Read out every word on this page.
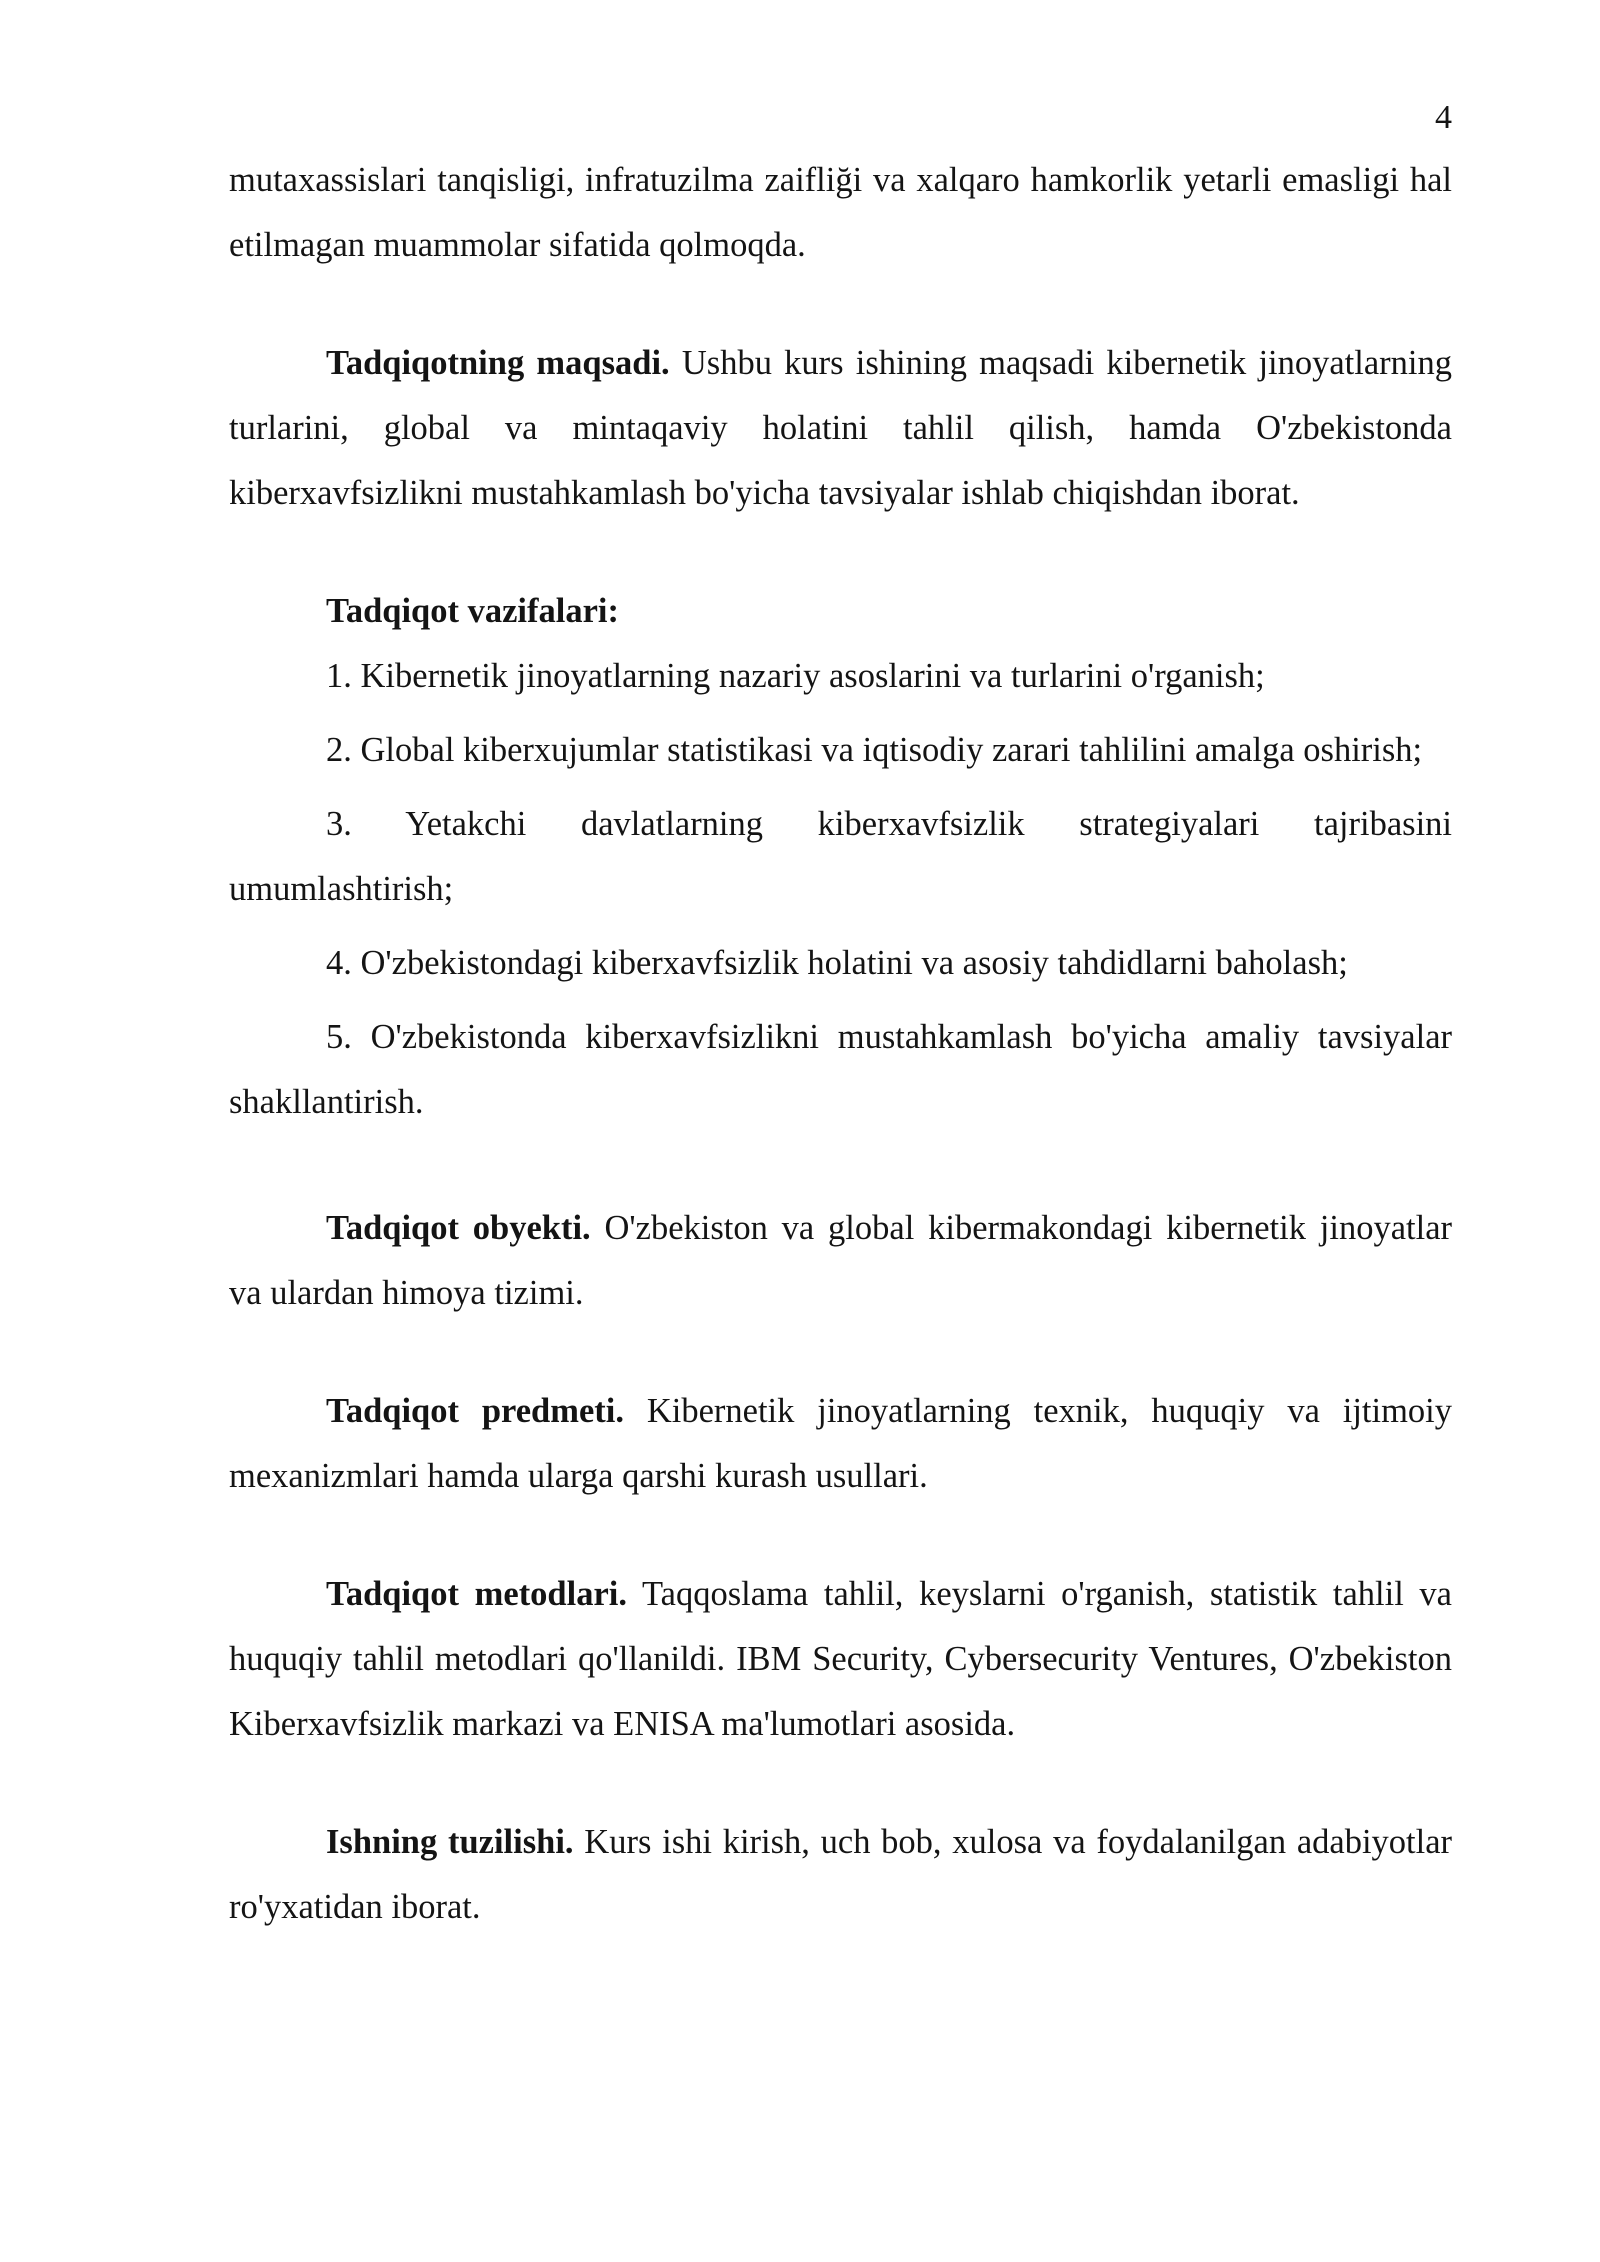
4

mutaxassislari tanqisligi, infratuzilma zaifliği va xalqaro hamkorlik yetarli emasligi hal etilmagan muammolar sifatida qolmoqda.

Tadqiqotning maqsadi. Ushbu kurs ishining maqsadi kibernetik jinoyatlarning turlarini, global va mintaqaviy holatini tahlil qilish, hamda O'zbekistonda kiberxavfsizlikni mustahkamlash bo'yicha tavsiyalar ishlab chiqishdan iborat.

Tadqiqot vazifalari:

1. Kibernetik jinoyatlarning nazariy asoslarini va turlarini o'rganish;

2. Global kiberxujumlar statistikasi va iqtisodiy zarari tahlilini amalga oshirish;

3. Yetakchi davlatlarning kiberxavfsizlik strategiyalari tajribasini umumlashtirish;

4. O'zbekistondagi kiberxavfsizlik holatini va asosiy tahdidlarni baholash;

5. O'zbekistonda kiberxavfsizlikni mustahkamlash bo'yicha amaliy tavsiyalar shakllantirish.

Tadqiqot obyekti. O'zbekiston va global kibermakondagi kibernetik jinoyatlar va ulardan himoya tizimi.

Tadqiqot predmeti. Kibernetik jinoyatlarning texnik, huquqiy va ijtimoiy mexanizmlari hamda ularga qarshi kurash usullari.

Tadqiqot metodlari. Taqqoslama tahlil, keyslarni o'rganish, statistik tahlil va huquqiy tahlil metodlari qo'llanildi. IBM Security, Cybersecurity Ventures, O'zbekiston Kiberxavfsizlik markazi va ENISA ma'lumotlari asosida.

Ishning tuzilishi. Kurs ishi kirish, uch bob, xulosa va foydalanilgan adabiyotlar ro'yxatidan iborat.
